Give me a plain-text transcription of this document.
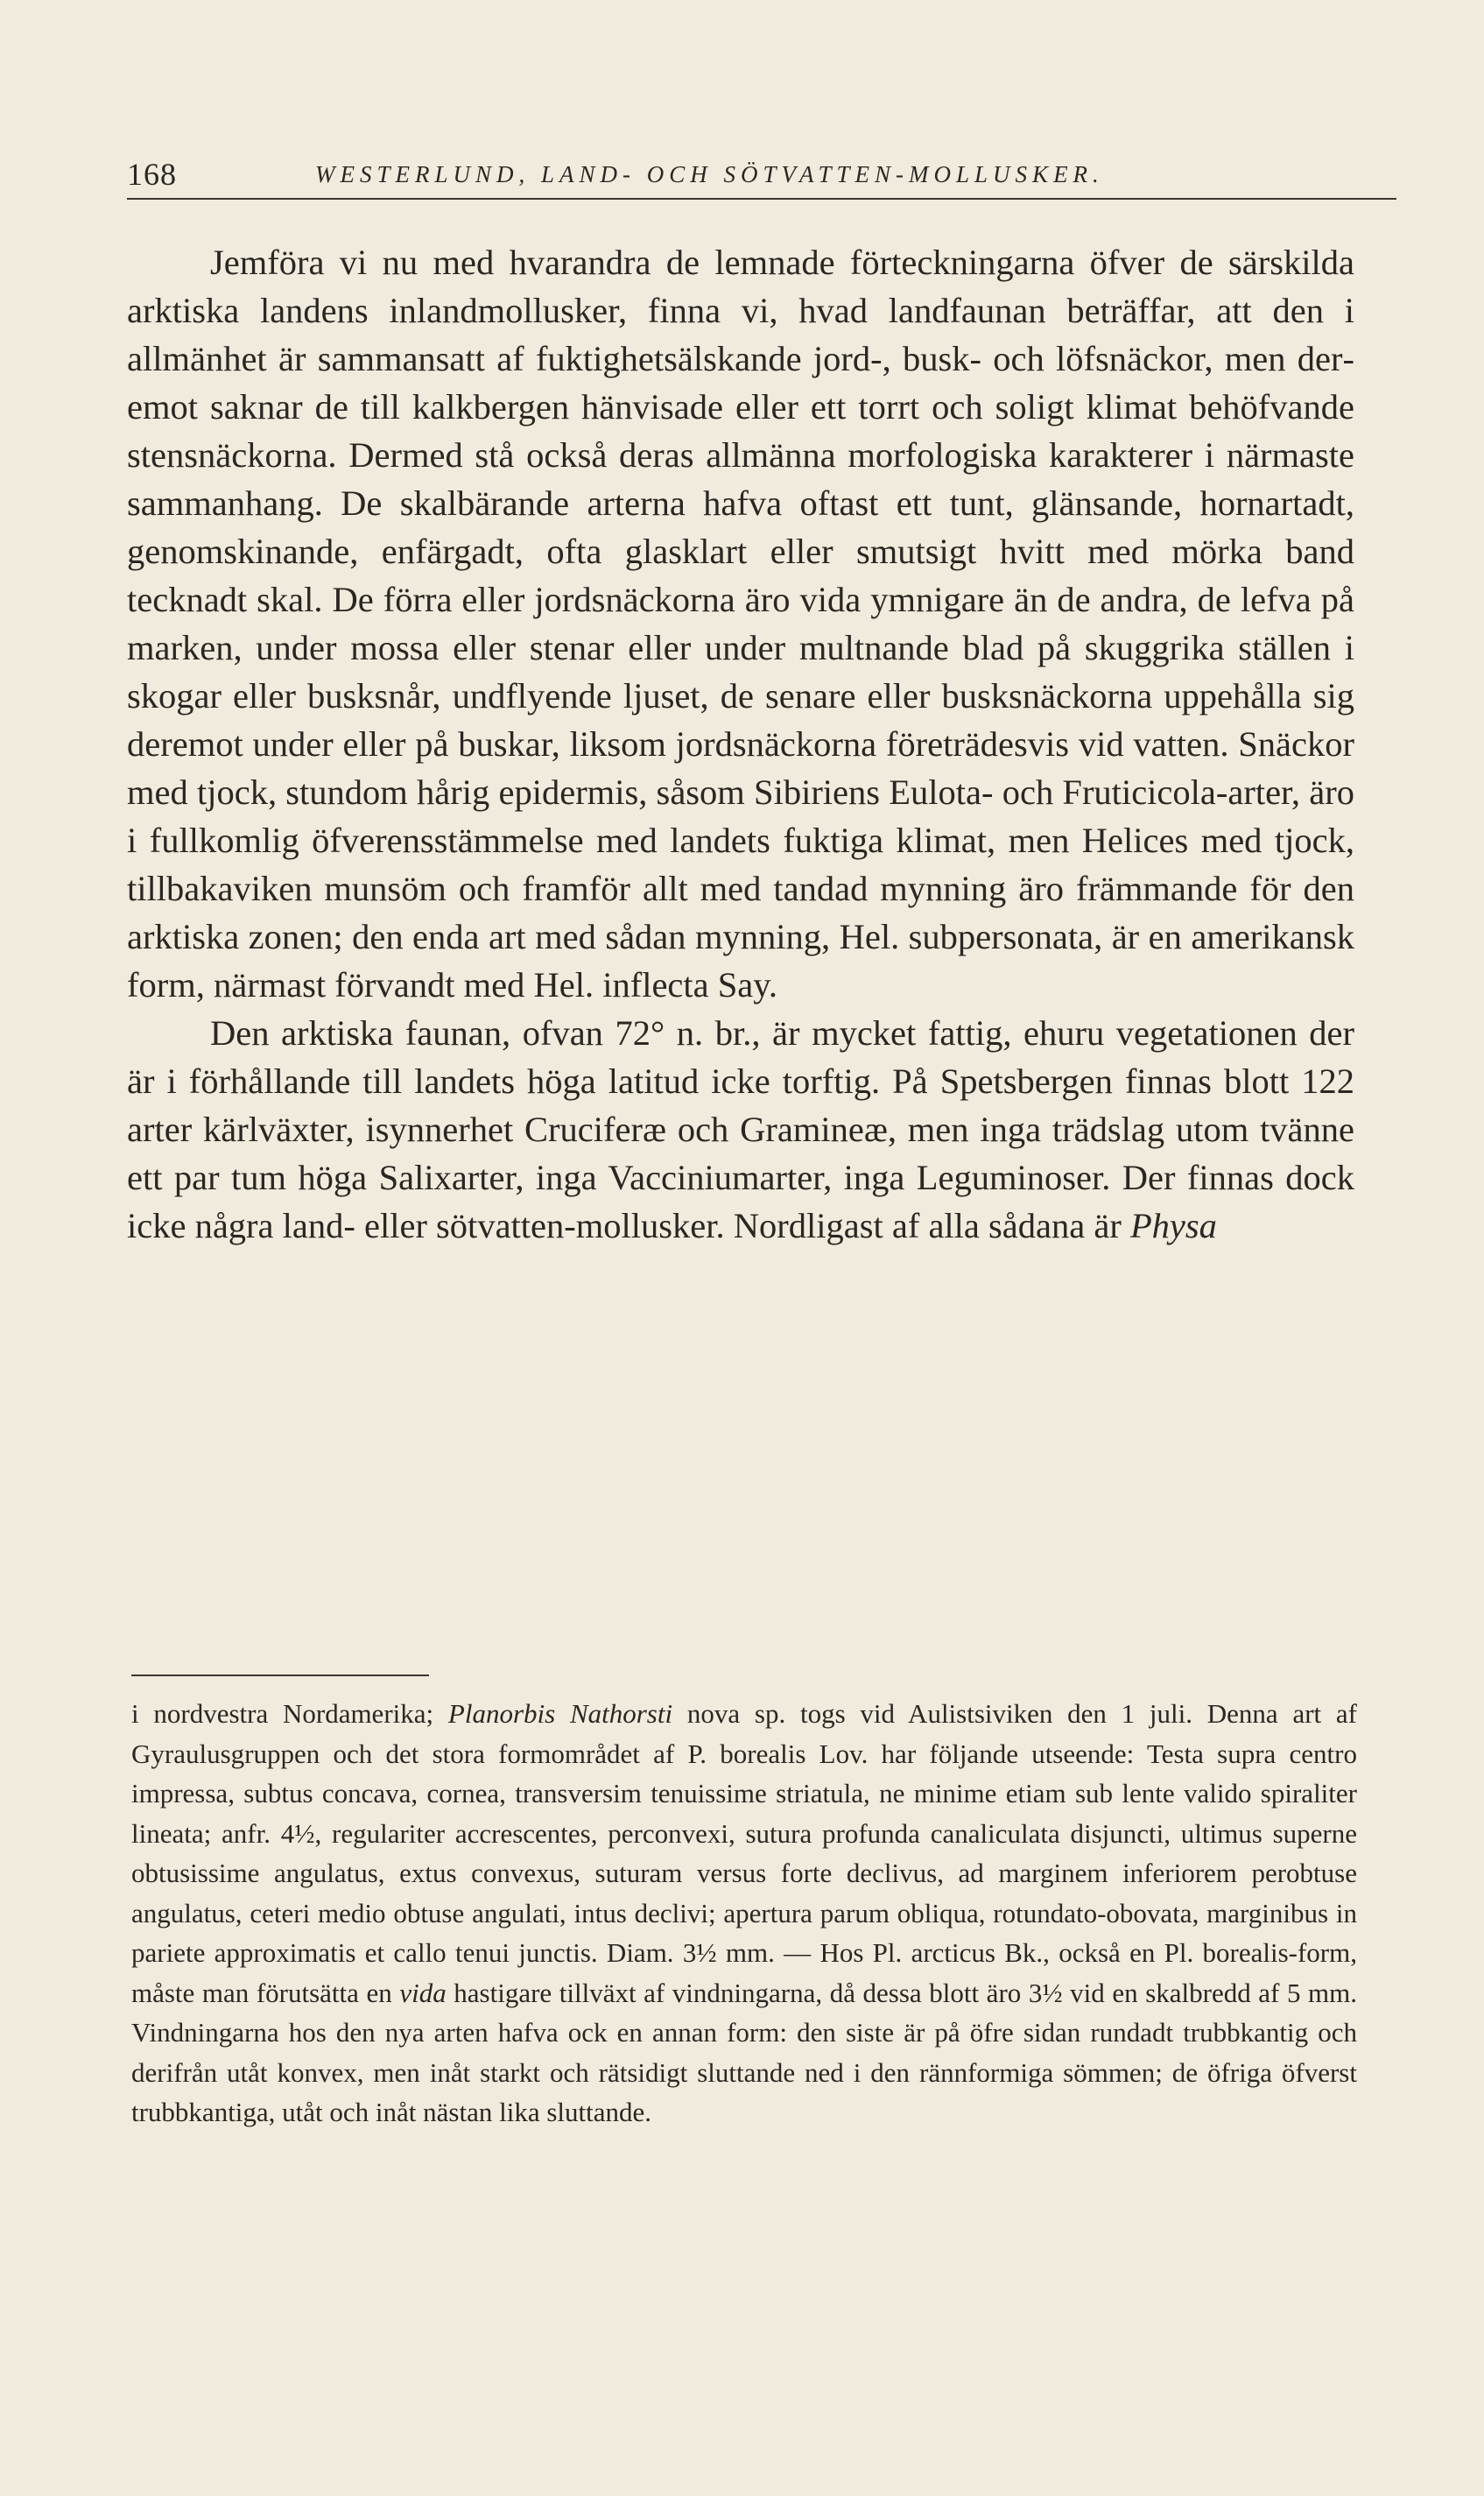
168	WESTERLUND, LAND- OCH SÖTVATTEN-MOLLUSKER.

Jemföra vi nu med hvarandra de lemnade förteckningarna öfver de särskilda arktiska landens inlandmollusker, finna vi, hvad landfaunan beträffar, att den i allmänhet är sammansatt af fuktighetsälskande jord-, busk- och löfsnäckor, men deremot saknar de till kalkbergen hänvisade eller ett torrt och soligt klimat behöfvande stensnäckorna. Dermed stå också deras allmänna morfologiska karakterer i närmaste sammanhang. De skalbärande arterna hafva oftast ett tunt, glänsande, hornartadt, genomskinande, enfärgadt, ofta glasklart eller smutsigt hvitt med mörka band tecknadt skal. De förra eller jordsnäckorna äro vida ymnigare än de andra, de lefva på marken, under mossa eller stenar eller under multnande blad på skuggrika ställen i skogar eller busksnår, undflyende ljuset, de senare eller busksnäckorna uppehålla sig deremot under eller på buskar, liksom jordsnäckorna företrädesvis vid vatten. Snäckor med tjock, stundom hårig epidermis, såsom Sibiriens Eulota- och Fruticicola-arter, äro i fullkomlig öfverensstämmelse med landets fuktiga klimat, men Helices med tjock, tillbakaviken munsöm och framför allt med tandad mynning äro främmande för den arktiska zonen; den enda art med sådan mynning, Hel. subpersonata, är en amerikansk form, närmast förvandt med Hel. inflecta Say.

Den arktiska faunan, ofvan 72° n. br., är mycket fattig, ehuru vegetationen der är i förhållande till landets höga latitud icke torftig. På Spetsbergen finnas blott 122 arter kärlväxter, isynnerhet Cruciferæ och Gramineæ, men inga trädslag utom tvänne ett par tum höga Salixarter, inga Vacciniumarter, inga Leguminoser. Der finnas dock icke några land- eller sötvatten-mollusker. Nordligast af alla sådana är Physa

i nordvestra Nordamerika; Planorbis Nathorsti nova sp. togs vid Aulistsiviken den 1 juli. Denna art af Gyraulusgruppen och det stora formområdet af P. borealis Lov. har följande utseende: Testa supra centro impressa, subtus concava, cornea, transversim tenuissime striatula, ne minime etiam sub lente valido spiraliter lineata; anfr. 4½, regulariter accrescentes, perconvexi, sutura profunda canaliculata disjuncti, ultimus superne obtusissime angulatus, extus convexus, suturam versus forte declivus, ad marginem inferiorem perobtuse angulatus, ceteri medio obtuse angulati, intus declivi; apertura parum obliqua, rotundato-obovata, marginibus in pariete approximatis et callo tenui junctis. Diam. 3½ mm. — Hos Pl. arcticus Bk., också en Pl. borealis-form, måste man förutsätta en vida hastigare tillväxt af vindningarna, då dessa blott äro 3½ vid en skalbredd af 5 mm. Vindningarna hos den nya arten hafva ock en annan form: den siste är på öfre sidan rundadt trubbkantig och derifrån utåt konvex, men inåt starkt och rätsidigt sluttande ned i den rännformiga sömmen; de öfriga öfverst trubbkantiga, utåt och inåt nästan lika sluttande.
